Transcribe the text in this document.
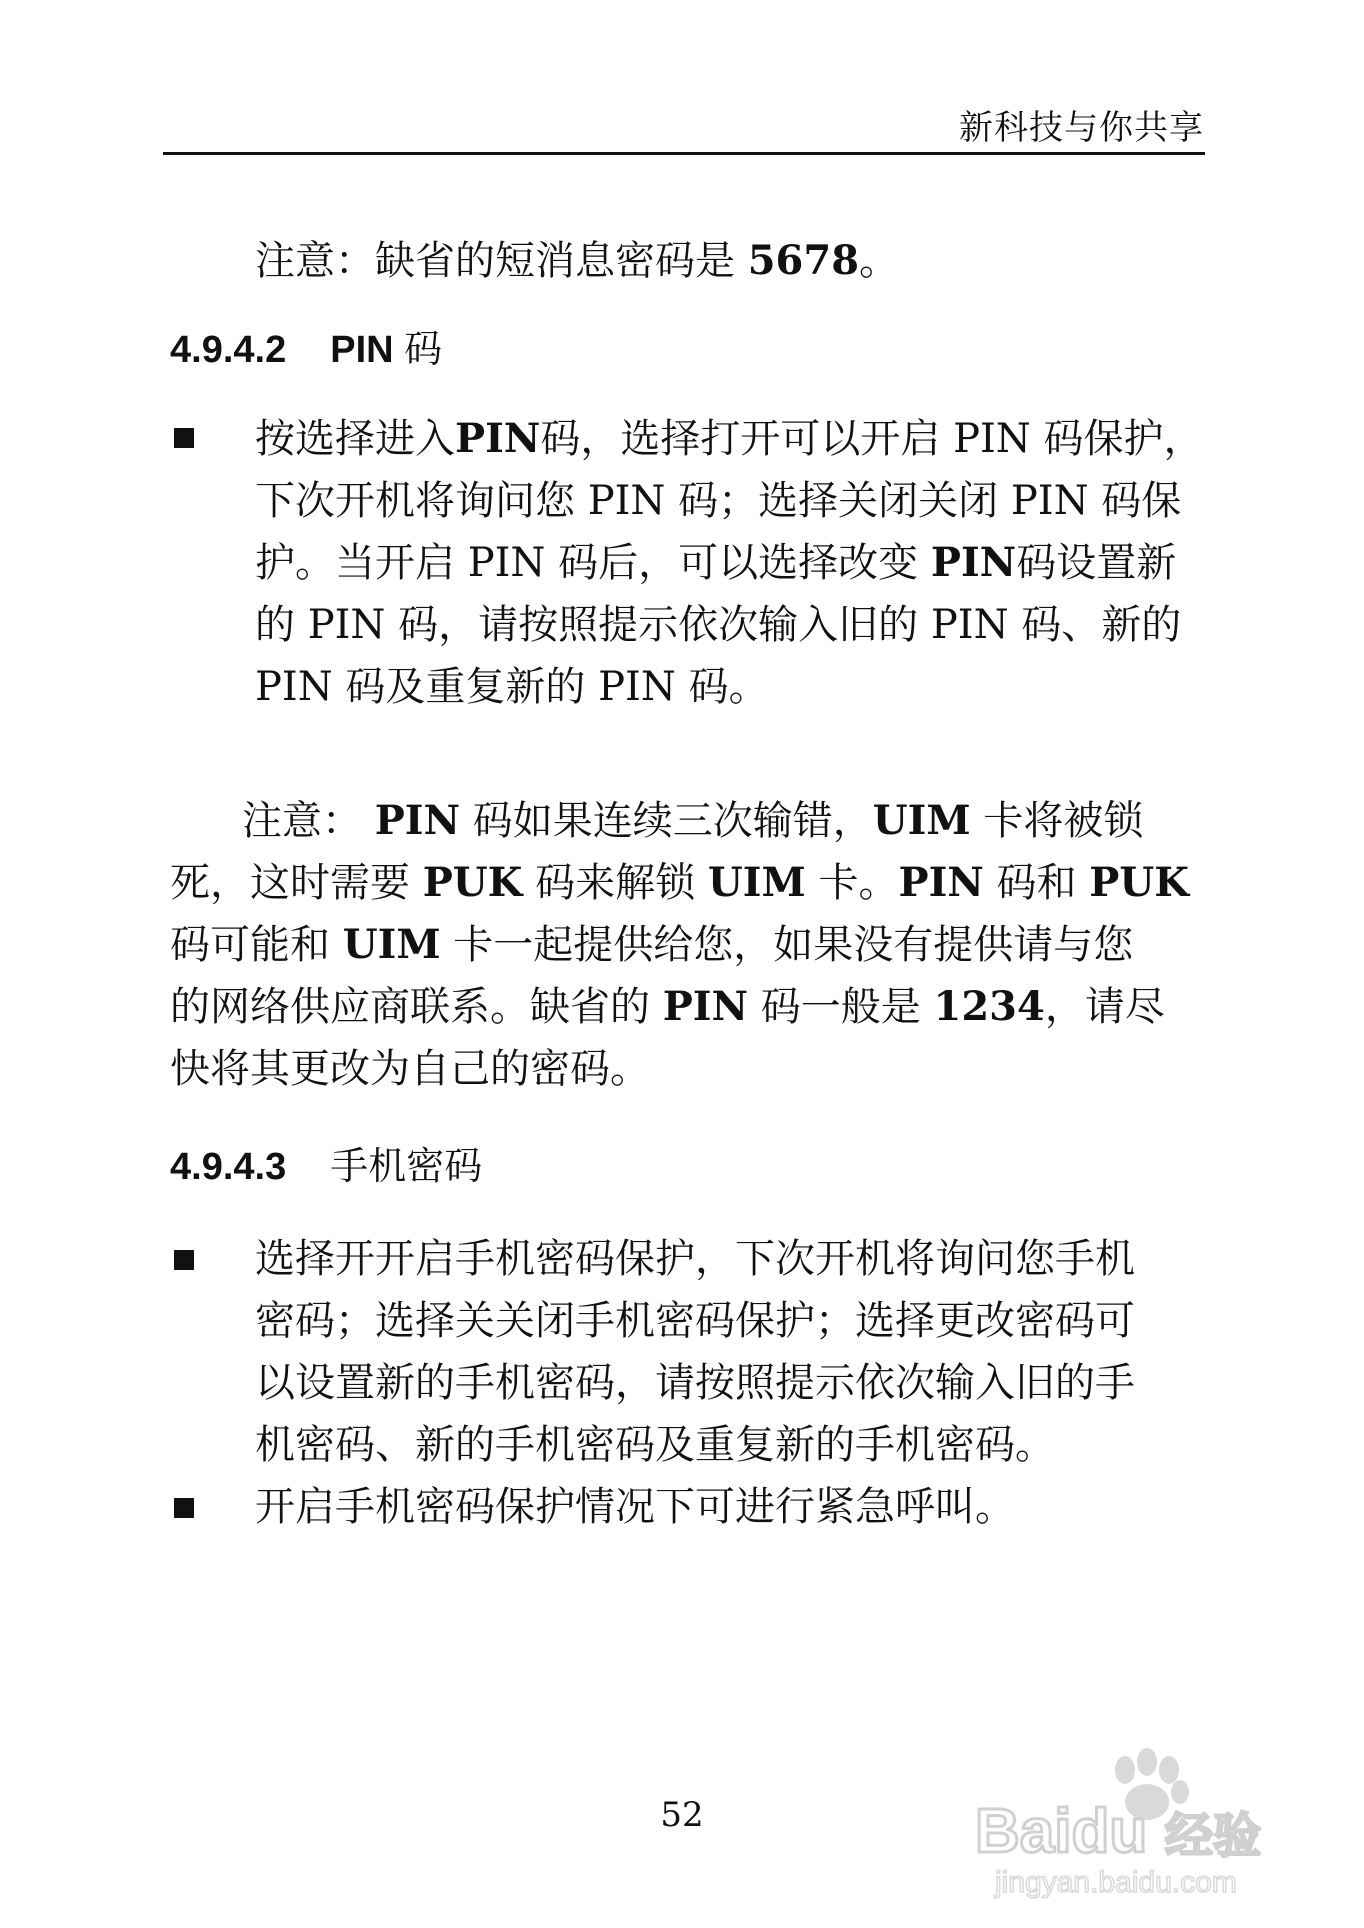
新科技与你共享
注意：缺省的短消息密码是 5678。
4.9.4.2 PIN 码
按选择进入PIN码，选择打开可以开启 PIN 码保护，
下次开机将询问您 PIN 码；选择关闭关闭 PIN 码保
护。当开启 PIN 码后，可以选择改变 PIN码设置新
的 PIN 码，请按照提示依次输入旧的 PIN 码、新的
PIN 码及重复新的 PIN 码。
注意： PIN 码如果连续三次输错，UIM 卡将被锁
死，这时需要 PUK 码来解锁 UIM 卡。PIN 码和 PUK
码可能和 UIM 卡一起提供给您，如果没有提供请与您
的网络供应商联系。缺省的 PIN 码一般是 1234，请尽
快将其更改为自己的密码。
4.9.4.3 手机密码
选择开开启手机密码保护，下次开机将询问您手机
密码；选择关关闭手机密码保护；选择更改密码可
以设置新的手机密码，请按照提示依次输入旧的手
机密码、新的手机密码及重复新的手机密码。
开启手机密码保护情况下可进行紧急呼叫。
52	Baidu 经验
jingyan.baidu.com
